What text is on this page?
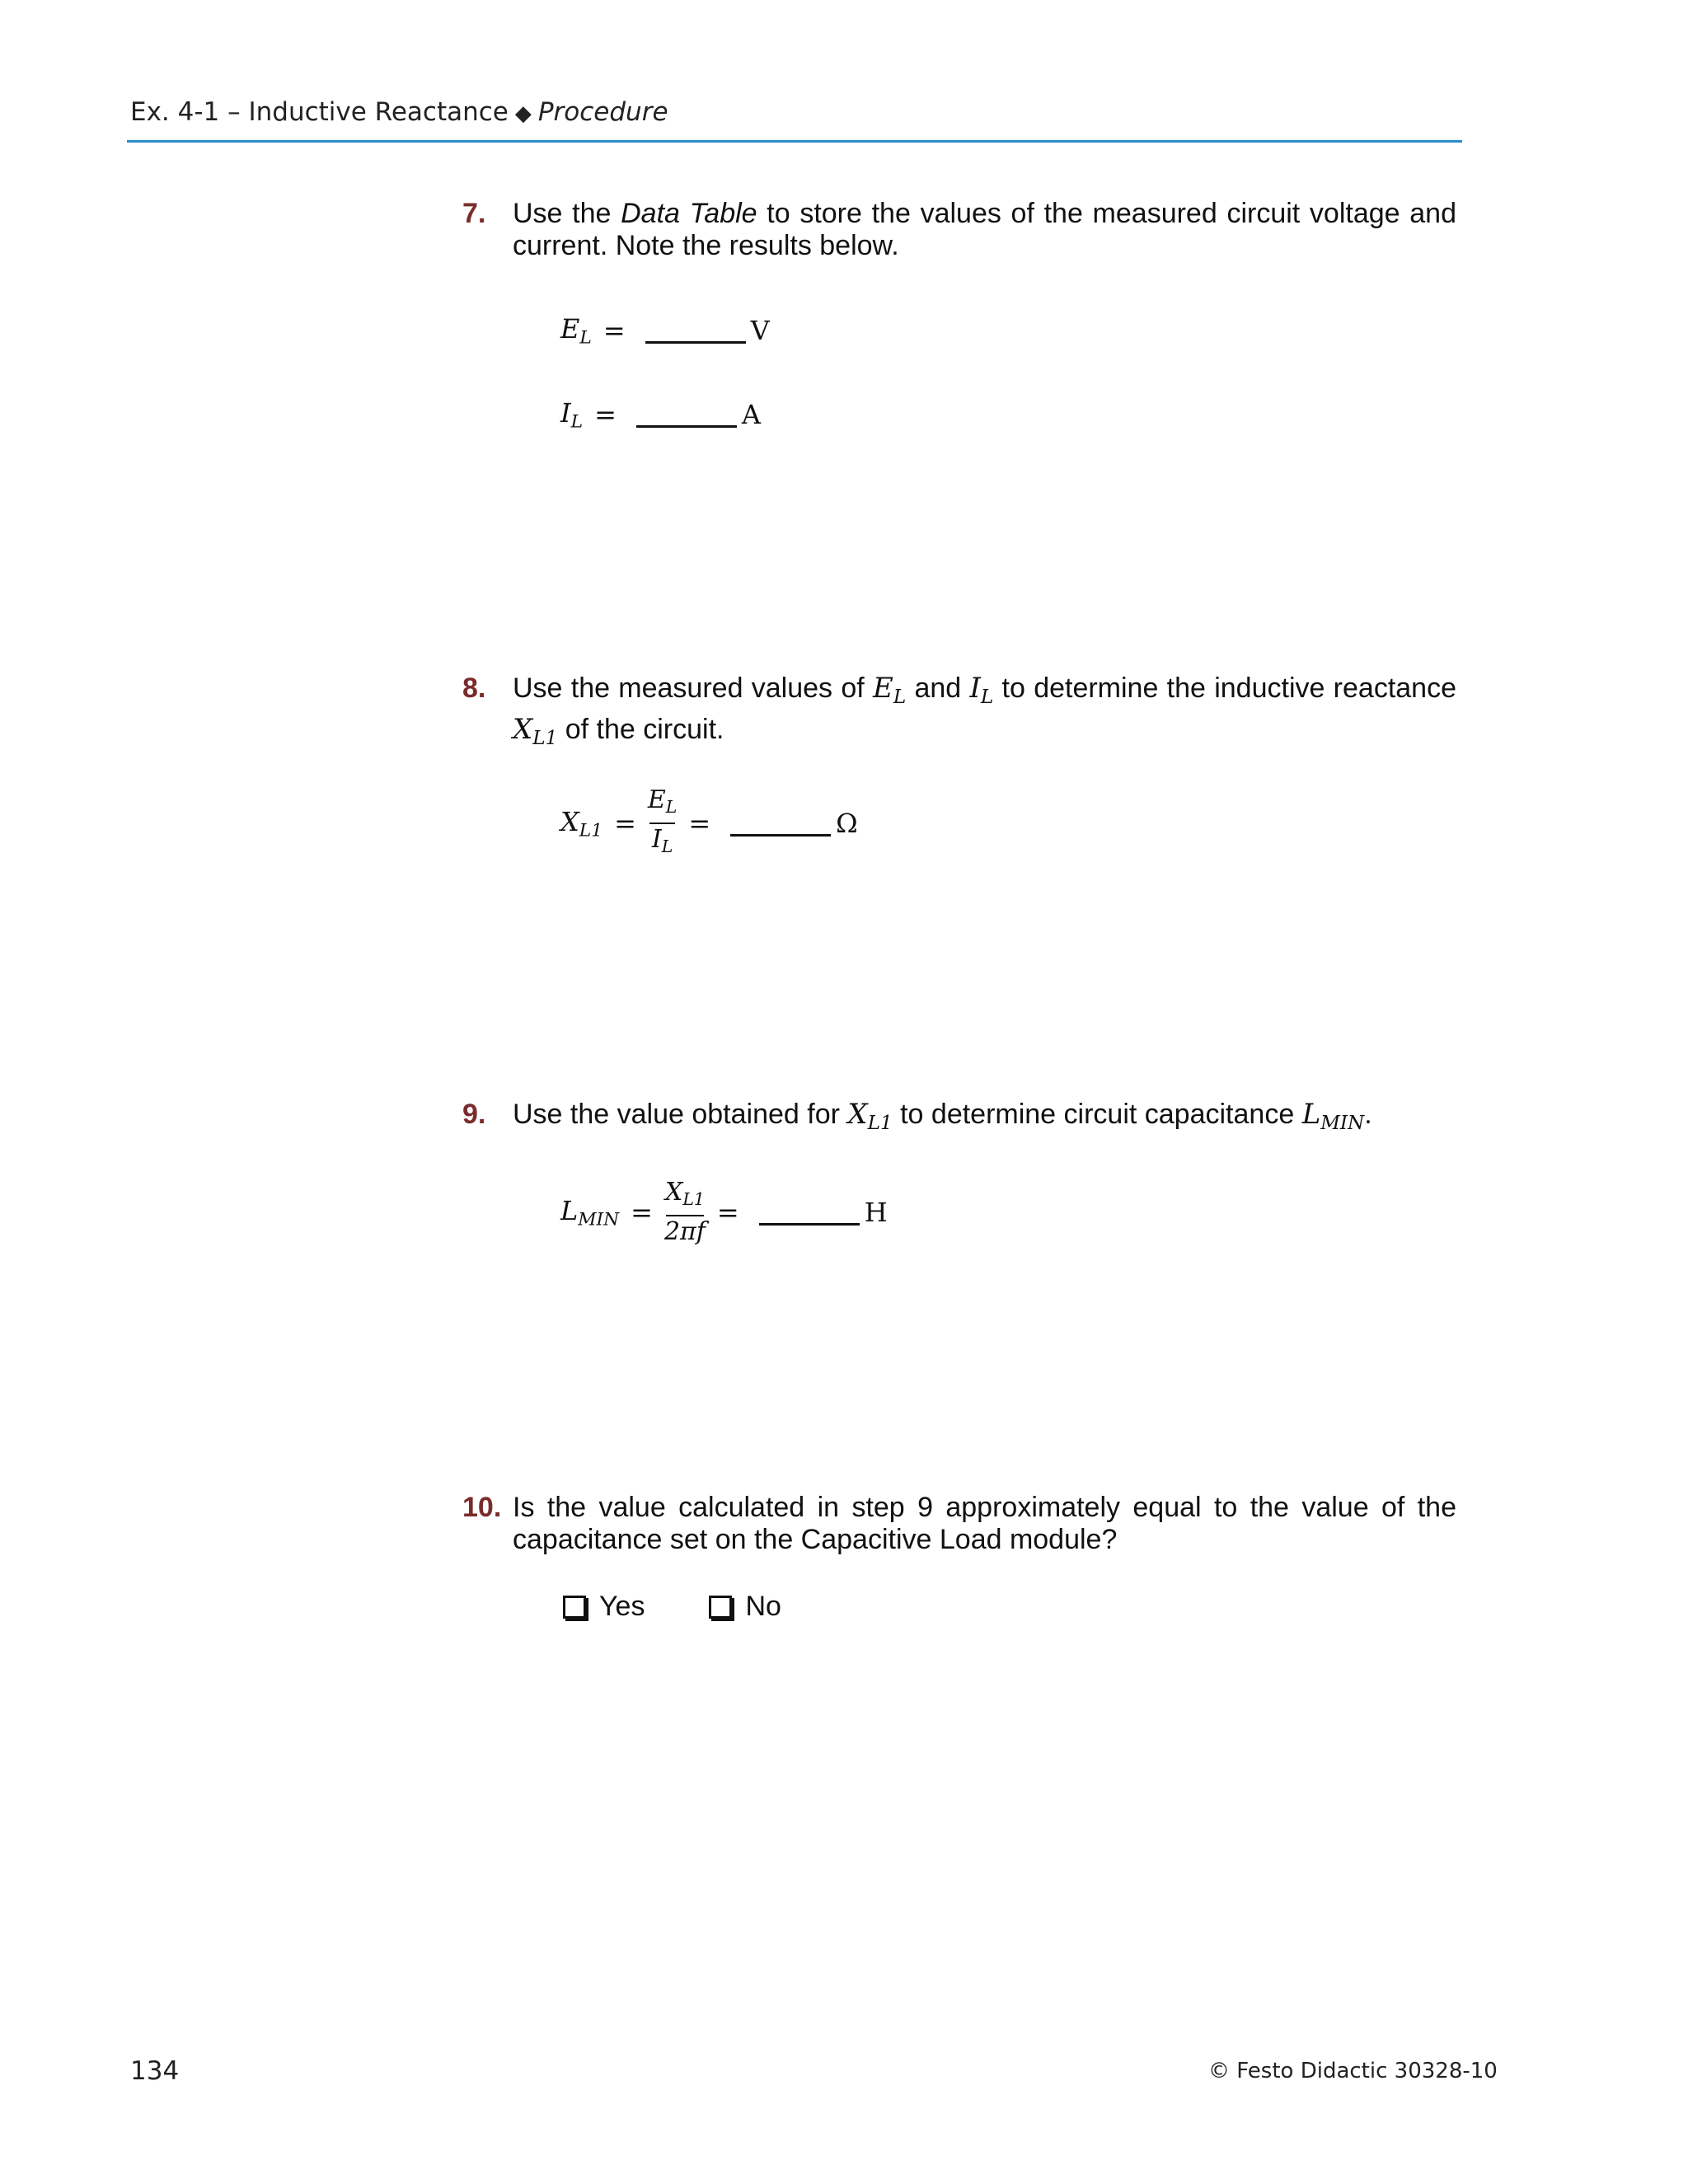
Ex. 4-1 – Inductive Reactance ◆ Procedure
7. Use the Data Table to store the values of the measured circuit voltage and current. Note the results below.
$E_L$ =	V
$I_L$ =	A
8. Use the measured values of $E_L$ and $I_L$ to determine the inductive reactance $X_{L1}$ of the circuit.
$X_{L1} = \frac{E_L}{I_L}$ =	Ω
9. Use the value obtained for $X_{L1}$ to determine circuit capacitance $L_{MIN}$.
$L_{MIN} = \frac{X_{L1}}{2\pi f}$ =	H
10. Is the value calculated in step 9 approximately equal to the value of the capacitance set on the Capacitive Load module?
Yes	No
134	© Festo Didactic 30328-10
